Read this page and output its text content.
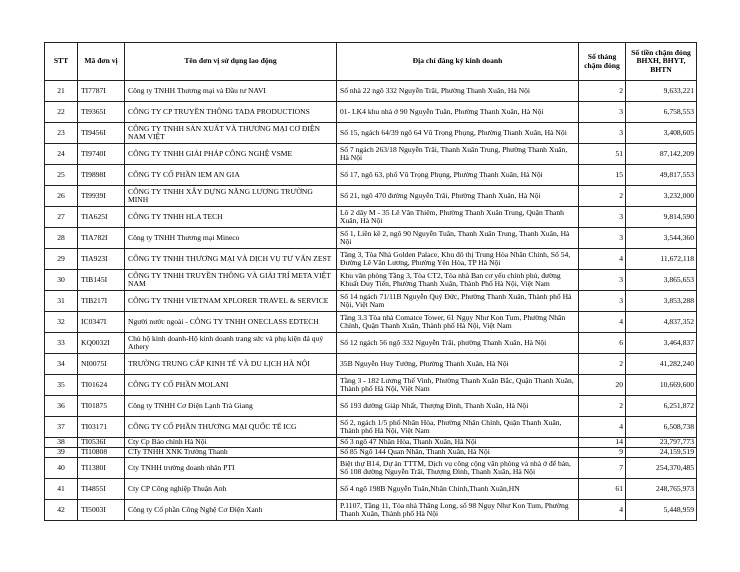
STT	Mã đơn vị	Tên đơn vị sử dụng lao động	Địa chỉ đăng ký kinh doanh	Số tháng chậm đóng	Số tiền chậm đóng BHXH, BHYT, BHTN
21	TI7787I	Công ty TNHH Thương mại và Đầu tư NAVI	Số nhà 22 ngõ 332 Nguyễn Trãi, Phường Thanh Xuân, Hà Nội	2	9,633,221
22	TI9365I	CÔNG TY CP TRUYỀN THÔNG TADA PRODUCTIONS	01- LK4 khu nhà ở 90 Nguyễn Tuân, Phường Thanh Xuân, Hà Nội	3	6,758,553
23	TI9456I	CÔNG TY TNHH SẢN XUẤT VÀ THƯƠNG MẠI CƠ ĐIỆN NAM VIỆT	Số 15, ngách 64/39 ngõ 64 Vũ Trọng Phụng, Phường Thanh Xuân, Hà Nội	3	3,408,605
24	TI9740I	CÔNG TY TNHH GIẢI PHÁP CÔNG NGHỆ VSME	Số 7 ngách 263/18 Nguyễn Trãi, Thanh Xuân Trung, Phường Thanh Xuân, Hà Nội	51	87,142,209
25	TI9898I	CÔNG TY CỔ PHẦN IEM AN GIA	Số 17, ngõ 63, phố Vũ Trọng Phụng, Phường Thanh Xuân, Hà Nội	15	49,817,553
26	TI9939I	CÔNG TY TNHH XÂY DỰNG NĂNG LƯỢNG TRƯỜNG MINH	Số 21, ngõ 470 đường Nguyễn Trãi, Phường Thanh Xuân, Hà Nội	2	3,232,000
27	TIA625I	CÔNG TY TNHH HLA TECH	Lô 2 dãy M - 35 Lê Văn Thiêm, Phường Thanh Xuân Trung, Quận Thanh Xuân, Hà Nội	3	9,814,590
28	TIA782I	Công ty TNHH Thương mại Mineco	Số 1, Liền kề 2, ngõ 90 Nguyễn Tuân, Thanh Xuân Trung, Thanh Xuân, Hà Nội	3	3,544,360
29	TIA923I	CÔNG TY TNHH THƯƠNG MẠI VÀ DỊCH VỤ TƯ VẤN ZEST	Tầng 3, Tòa Nhà Golden Palace, Khu đô thị Trung Hòa Nhân Chính, Số 54, Đường Lê Văn Lương, Phường Yên Hòa, TP Hà Nội	4	11,672,118
30	TIB145I	CÔNG TY TNHH TRUYỀN THÔNG VÀ GIẢI TRÍ META VIỆT NAM	Khu văn phòng Tầng 3, Tòa CT2, Tòa nhà Ban cơ yếu chính phủ, đường Khuất Duy Tiến, Phường Thanh Xuân, Thành Phố Hà Nội, Việt Nam	3	3,865,653
31	TIB217I	CÔNG TY TNHH VIETNAM XPLORER TRAVEL & SERVICE	Số 14 ngách 71/11B Nguyễn Quý Đức, Phường Thanh Xuân, Thành phố Hà Nội, Việt Nam	3	3,853,288
32	IC0347I	Người nước ngoài - CÔNG TY TNHH ONECLASS EDTECH	Tầng 3.3 Tòa nhà Comatce Tower, 61 Ngụy Như Kon Tum, Phường Nhân Chính, Quận Thanh Xuân, Thành phố Hà Nội, Việt Nam	4	4,837,352
33	KQ0032I	Chủ hộ kinh doanh-Hộ kinh doanh trang sức và phụ kiện đá quý Athery	Số 12 ngách 56 ngõ 332 Nguyễn Trãi, phường Thanh Xuân, Hà Nội	6	3,464,837
34	NI0075I	TRƯỜNG TRUNG CẤP KINH TẾ VÀ DU LỊCH HÀ NỘI	35B Nguyễn Huy Tưởng, Phường Thanh Xuân, Hà Nội	2	41,282,240
35	TI01624	CÔNG TY CỔ PHẦN MOLANI	Tầng 3 - 182 Lương Thế Vinh, Phường Thanh Xuân Bắc, Quận Thanh Xuân, Thành phố Hà Nội, Việt Nam	20	10,669,600
36	TI01875	Công ty TNHH Cơ Điện Lạnh Trà Giang	Số 193 đường Giáp Nhất, Thượng Đình, Thanh Xuân, Hà Nội	2	6,251,872
37	TI03171	CÔNG TY CỔ PHẦN THƯƠNG MẠI QUỐC TẾ ICG	Số 2, ngách 1/5 phố Nhân Hòa, Phường Nhân Chính, Quận Thanh Xuân, Thành phố Hà Nội, Việt Nam	4	6,508,738
38	TI0536I	Cty Cp Báo chính Hà Nội	Số 3 ngõ 47 Nhân Hòa, Thanh Xuân, Hà Nội	14	23,797,773
39	TI10808	CTy TNHH XNK Trường Thanh	Số 85 Ngõ 144 Quan Nhân, Thanh Xuân, Hà Nội	9	24,159,519
40	TI1380I	Cty TNHH trường doanh nhân PTI	Biệt thự B14, Dự án TTTM, Dịch vụ công cộng văn phòng và nhà ở để bán, Số 108 đường Nguyễn Trãi, Thượng Đình, Thanh Xuân, Hà Nội	7	254,370,485
41	TI4855I	Cty CP Công nghiệp Thuận Anh	Số 4 ngõ 198B Nguyễn Tuân,Nhân Chính,Thanh Xuân,HN	61	248,765,973
42	TI5003I	Công ty Cổ phần Công Nghệ Cơ Điện Xanh	P.1107, Tầng 11, Tòa nhà Thăng Long, số 98 Ngụy Như Kon Tum, Phường Thanh Xuân, Thành phố Hà Nội	4	5,448,959
